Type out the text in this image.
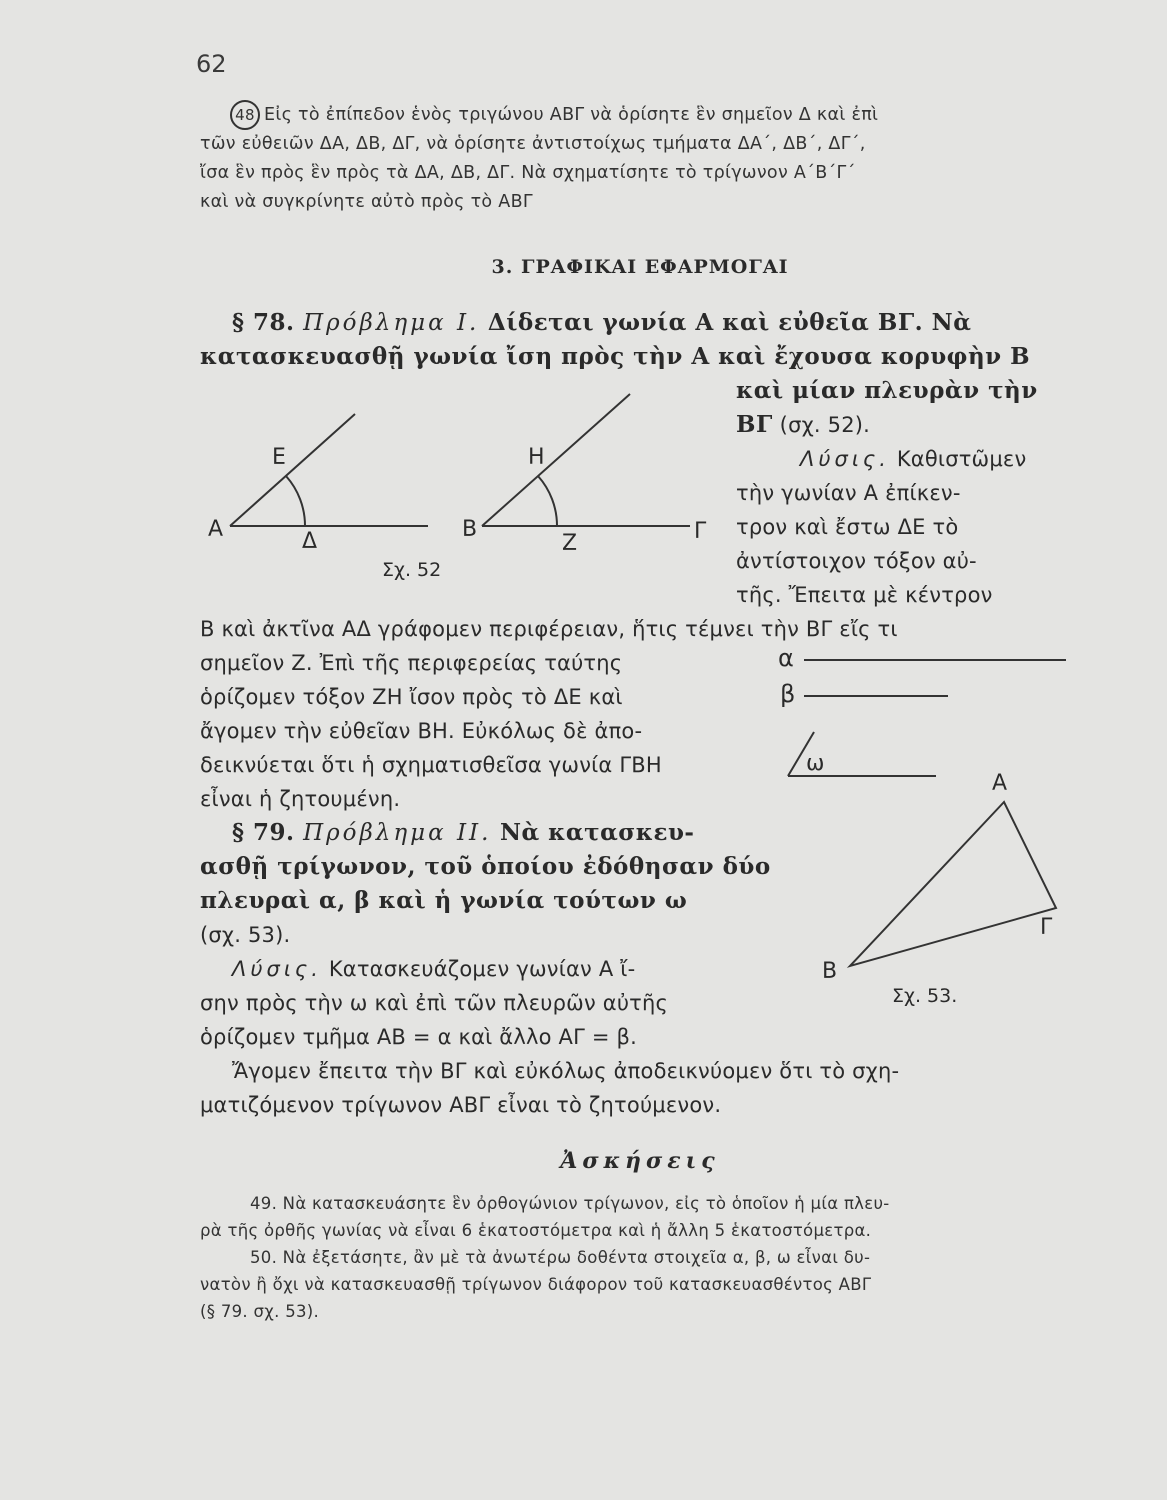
62
48 Εἰς τὸ ἐπίπεδον ἑνὸς τριγώνου ΑΒΓ νὰ ὁρίσητε ἓν σημεῖον Δ καὶ ἐπὶ
τῶν εὐθειῶν ΔΑ, ΔΒ, ΔΓ, νὰ ὁρίσητε ἀντιστοίχως τμήματα ΔΑ΄, ΔΒ΄, ΔΓ΄,
ἴσα ἓν πρὸς ἓν πρὸς τὰ ΔΑ, ΔΒ, ΔΓ. Νὰ σχηματίσητε τὸ τρίγωνον Α΄Β΄Γ΄
καὶ νὰ συγκρίνητε αὐτὸ πρὸς τὸ ΑΒΓ
3. ΓΡΑΦΙΚΑΙ ΕΦΑΡΜΟΓΑΙ
§ 78. Πρόβλημα Ι. Δίδεται γωνία Α καὶ εὐθεῖα ΒΓ. Νὰ
κατασκευασθῇ γωνία ἴση πρὸς τὴν Α καὶ ἔχουσα κορυφὴν Β
καὶ μίαν πλευρὰν τὴν
ΒΓ (σχ. 52).
Λύσις. Καθιστῶμεν
τὴν γωνίαν Α ἐπίκεν-
τρον καὶ ἔστω ΔΕ τὸ
ἀντίστοιχον τόξον αὐ-
τῆς. Ἔπειτα μὲ κέντρον
Β καὶ ἀκτῖνα ΑΔ γράφομεν περιφέρειαν, ἥτις τέμνει τὴν ΒΓ εἴς τι
σημεῖον Ζ. Ἐπὶ τῆς περιφερείας ταύτης
ὁρίζομεν τόξον ΖΗ ἴσον πρὸς τὸ ΔΕ καὶ
ἄγομεν τὴν εὐθεῖαν ΒΗ. Εὐκόλως δὲ ἀπο-
δεικνύεται ὅτι ἡ σχηματισθεῖσα γωνία ΓΒΗ
εἶναι ἡ ζητουμένη.
Α
Ε
Δ	Β
Η
Ζ	Γ
Σχ. 52
§ 79. Πρόβλημα ΙΙ. Νὰ κατασκευ-
ασθῇ τρίγωνον, τοῦ ὁποίου ἐδόθησαν δύο
πλευραὶ α, β καὶ ἡ γωνία τούτων ω
(σχ. 53).
Λύσις. Κατασκευάζομεν γωνίαν Α ἴ-
σην πρὸς τὴν ω καὶ ἐπὶ τῶν πλευρῶν αὐτῆς
ὁρίζομεν τμῆμα ΑΒ = α καὶ ἄλλο ΑΓ = β.
Ἄγομεν ἔπειτα τὴν ΒΓ καὶ εὐκόλως ἀποδεικνύομεν ὅτι τὸ σχη-
ματιζόμενον τρίγωνον ΑΒΓ εἶναι τὸ ζητούμενον.
α
β
ω
Α
Β
Γ
Σχ. 53.
Ἀσκήσεις
49. Νὰ κατασκευάσητε ἓν ὀρθογώνιον τρίγωνον, εἰς τὸ ὁποῖον ἡ μία πλευ-
ρὰ τῆς ὀρθῆς γωνίας νὰ εἶναι 6 ἑκατοστόμετρα καὶ ἡ ἄλλη 5 ἑκατοστόμετρα.
50. Νὰ ἐξετάσητε, ἂν μὲ τὰ ἀνωτέρω δοθέντα στοιχεῖα α, β, ω εἶναι δυ-
νατὸν ἢ ὄχι νὰ κατασκευασθῇ τρίγωνον διάφορον τοῦ κατασκευασθέντος ΑΒΓ
(§ 79. σχ. 53).
